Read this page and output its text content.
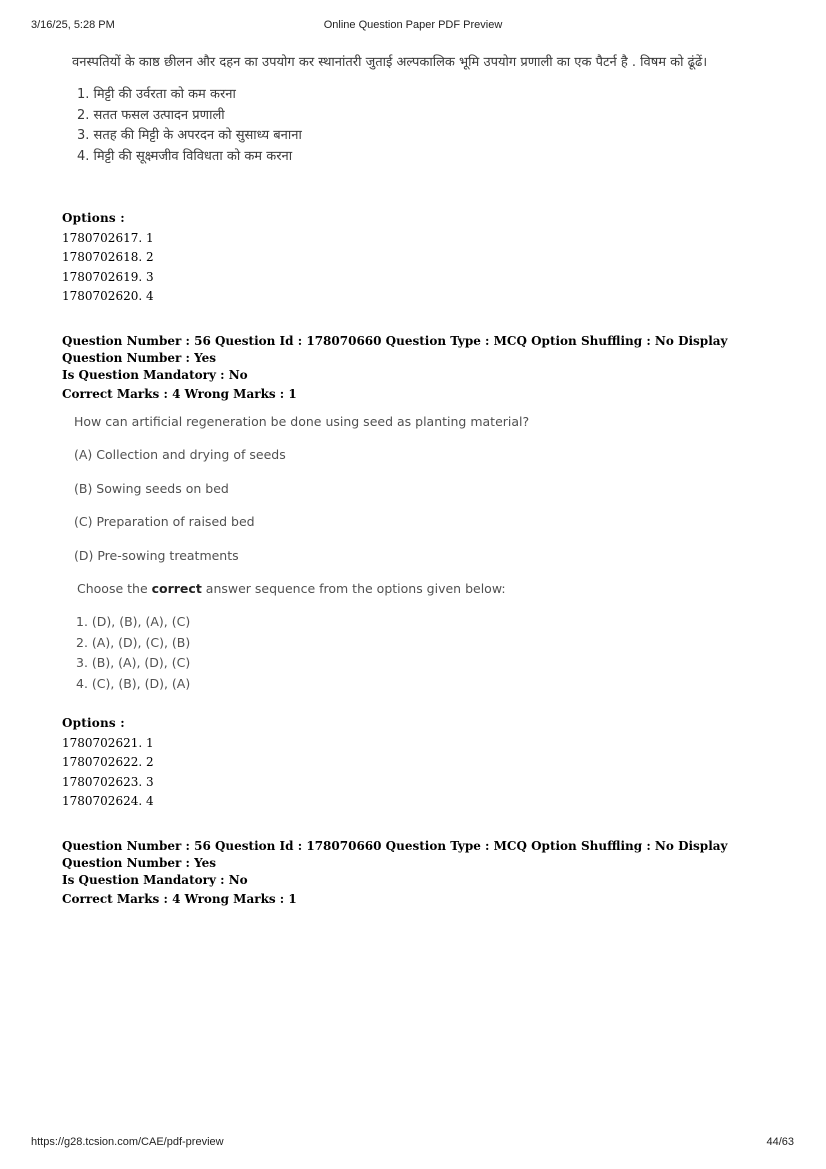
3/16/25, 5:28 PM	Online Question Paper PDF Preview
वनस्पतियों के काष्ठ छीलन और दहन का उपयोग कर स्थानांतरी जुताई अल्पकालिक भूमि उपयोग प्रणाली का एक पैटर्न है . विषम को ढूंढें।
1. मिट्टी की उर्वरता को कम करना
2. सतत फसल उत्पादन प्रणाली
3. सतह की मिट्टी के अपरदन को सुसाध्य बनाना
4. मिट्टी की सूक्ष्मजीव विविधता को कम करना
Options :
1780702617. 1
1780702618. 2
1780702619. 3
1780702620. 4
Question Number : 56 Question Id : 178070660 Question Type : MCQ Option Shuffling : No Display Question Number : Yes
Is Question Mandatory : No
Correct Marks : 4 Wrong Marks : 1
How can artificial regeneration be done using seed as planting material?
(A) Collection and drying of seeds
(B) Sowing seeds on bed
(C) Preparation of raised bed
(D) Pre-sowing treatments
Choose the correct answer sequence from the options given below:
1. (D), (B), (A), (C)
2. (A), (D), (C), (B)
3. (B), (A), (D), (C)
4. (C), (B), (D), (A)
Options :
1780702621. 1
1780702622. 2
1780702623. 3
1780702624. 4
Question Number : 56 Question Id : 178070660 Question Type : MCQ Option Shuffling : No Display Question Number : Yes
Is Question Mandatory : No
Correct Marks : 4 Wrong Marks : 1
https://g28.tcsion.com/CAE/pdf-preview	44/63
